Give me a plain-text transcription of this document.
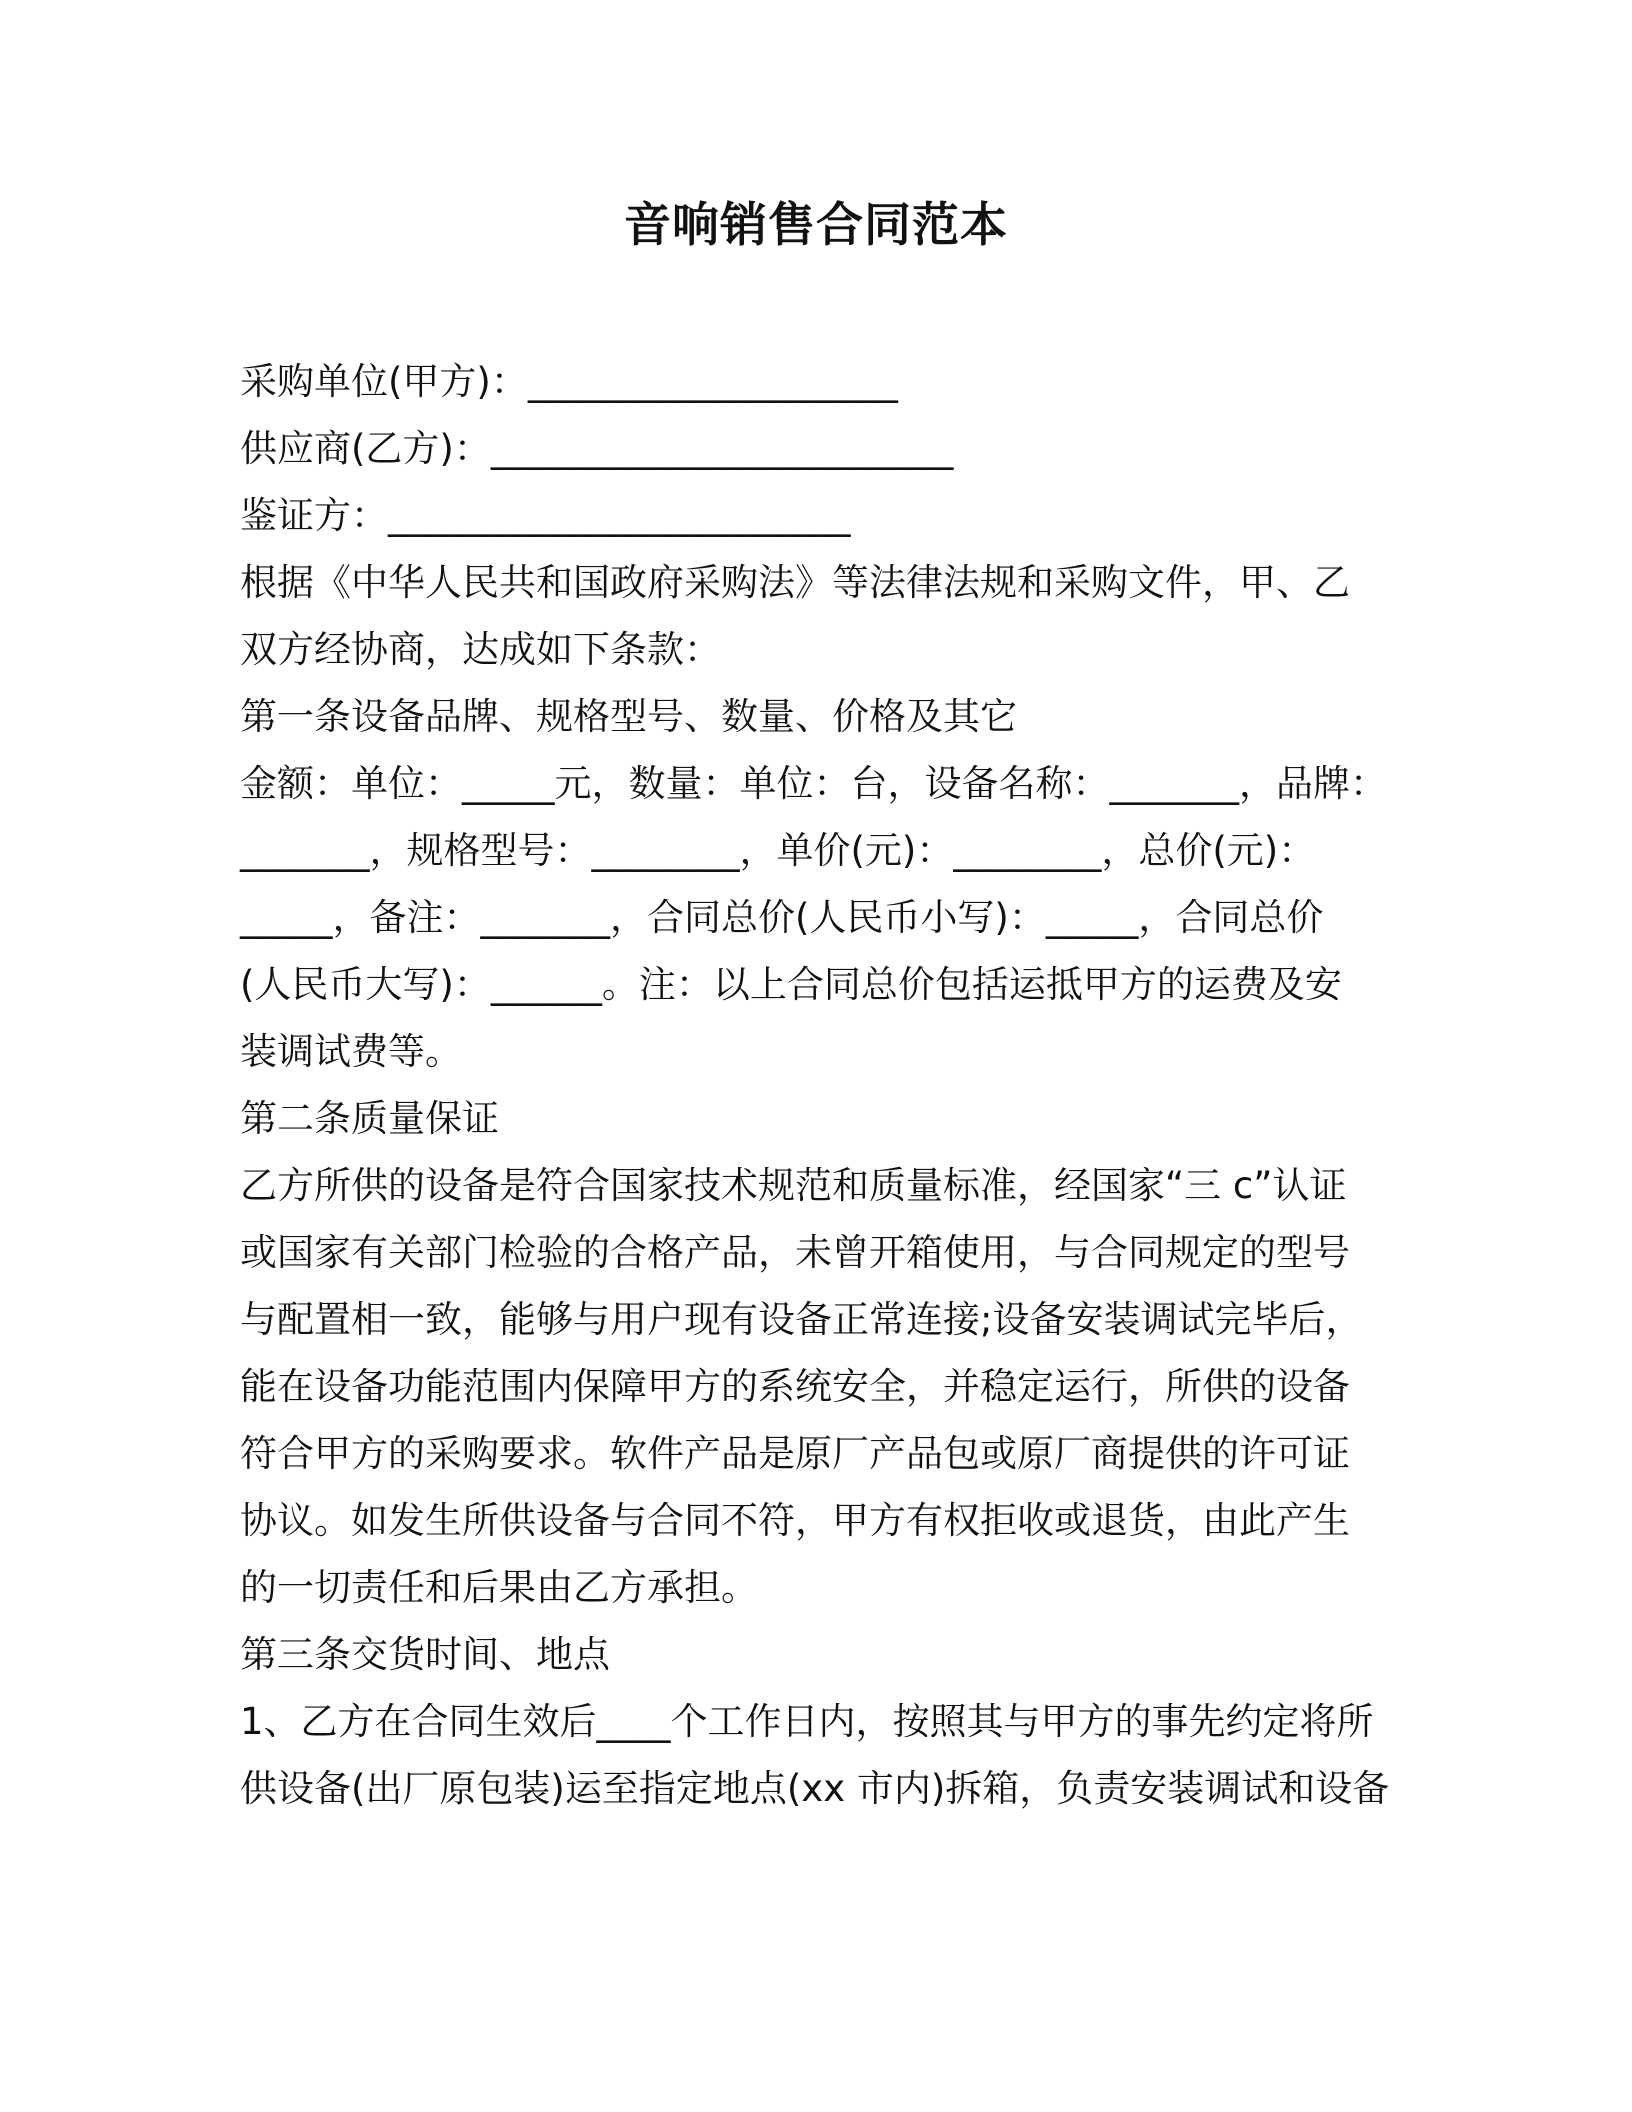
音响销售合同范本
采购单位(甲方)：____________________
供应商(乙方)：_________________________
鉴证方：_________________________
根据《中华人民共和国政府采购法》等法律法规和采购文件，甲、乙
双方经协商，达成如下条款：
第一条设备品牌、规格型号、数量、价格及其它
金额：单位：_____元，数量：单位：台，设备名称：_______，品牌：
_______，规格型号：________，单价(元)：________，总价(元)：
_____，备注：_______，合同总价(人民币小写)：_____，合同总价
(人民币大写)：______。注：以上合同总价包括运抵甲方的运费及安
装调试费等。
第二条质量保证
乙方所供的设备是符合国家技术规范和质量标准，经国家“三 c”认证
或国家有关部门检验的合格产品，未曾开箱使用，与合同规定的型号
与配置相一致，能够与用户现有设备正常连接;设备安装调试完毕后，
能在设备功能范围内保障甲方的系统安全，并稳定运行，所供的设备
符合甲方的采购要求。软件产品是原厂产品包或原厂商提供的许可证
协议。如发生所供设备与合同不符，甲方有权拒收或退货，由此产生
的一切责任和后果由乙方承担。
第三条交货时间、地点
1、乙方在合同生效后____个工作日内，按照其与甲方的事先约定将所
供设备(出厂原包装)运至指定地点(xx 市内)拆箱，负责安装调试和设备
